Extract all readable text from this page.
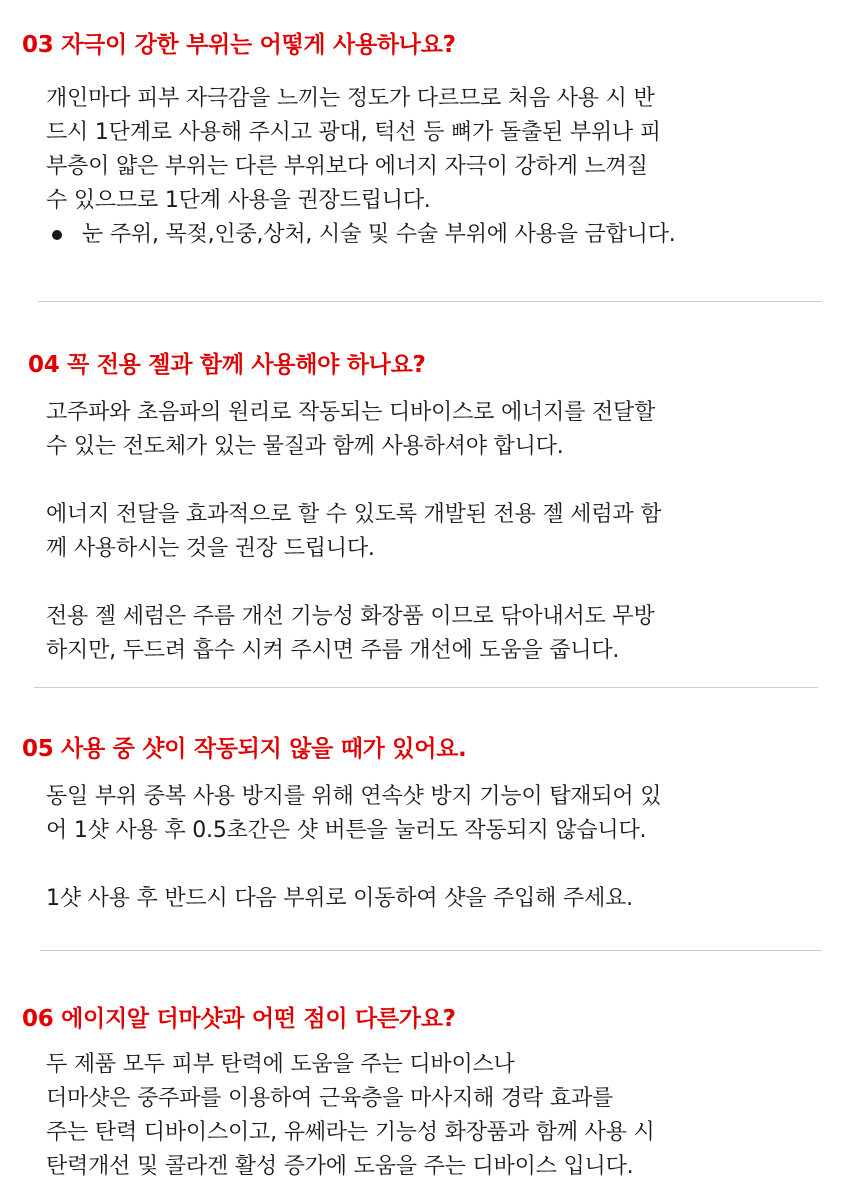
03 자극이 강한 부위는 어떻게 사용하나요?

개인마다 피부 자극감을 느끼는 정도가 다르므로 처음 사용 시 반

드시 1단계로 사용해 주시고 광대, 턱선 등 뼈가 돌출된 부위나 피

부층이 얇은 부위는 다른 부위보다 에너지 자극이 강하게 느껴질

수 있으므로 1단계 사용을 권장드립니다.

눈 주위, 목젖,인중,상처, 시술 및 수술 부위에 사용을 금합니다.
04 꼭 전용 젤과 함께 사용해야 하나요?

고주파와 초음파의 원리로 작동되는 디바이스로 에너지를 전달할

수 있는 전도체가 있는 물질과 함께 사용하셔야 합니다.

에너지 전달을 효과적으로 할 수 있도록 개발된 전용 젤 세럼과 함

께 사용하시는 것을 권장 드립니다.

전용 젤 세럼은 주름 개선 기능성 화장품 이므로 닦아내서도 무방

하지만, 두드려 흡수 시켜 주시면 주름 개선에 도움을 줍니다.

05 사용 중 샷이 작동되지 않을 때가 있어요.

동일 부위 중복 사용 방지를 위해 연속샷 방지 기능이 탑재되어 있

어 1샷 사용 후 0.5초간은 샷 버튼을 눌러도 작동되지 않습니다.

1샷 사용 후 반드시 다음 부위로 이동하여 샷을 주입해 주세요.

06 에이지알 더마샷과 어떤 점이 다른가요?

두 제품 모두 피부 탄력에 도움을 주는 디바이스나

더마샷은 중주파를 이용하여 근육층을 마사지해 경락 효과를

주는 탄력 디바이스이고, 유쎄라는 기능성 화장품과 함께 사용 시

탄력개선 및 콜라겐 활성 증가에 도움을 주는 디바이스 입니다.
